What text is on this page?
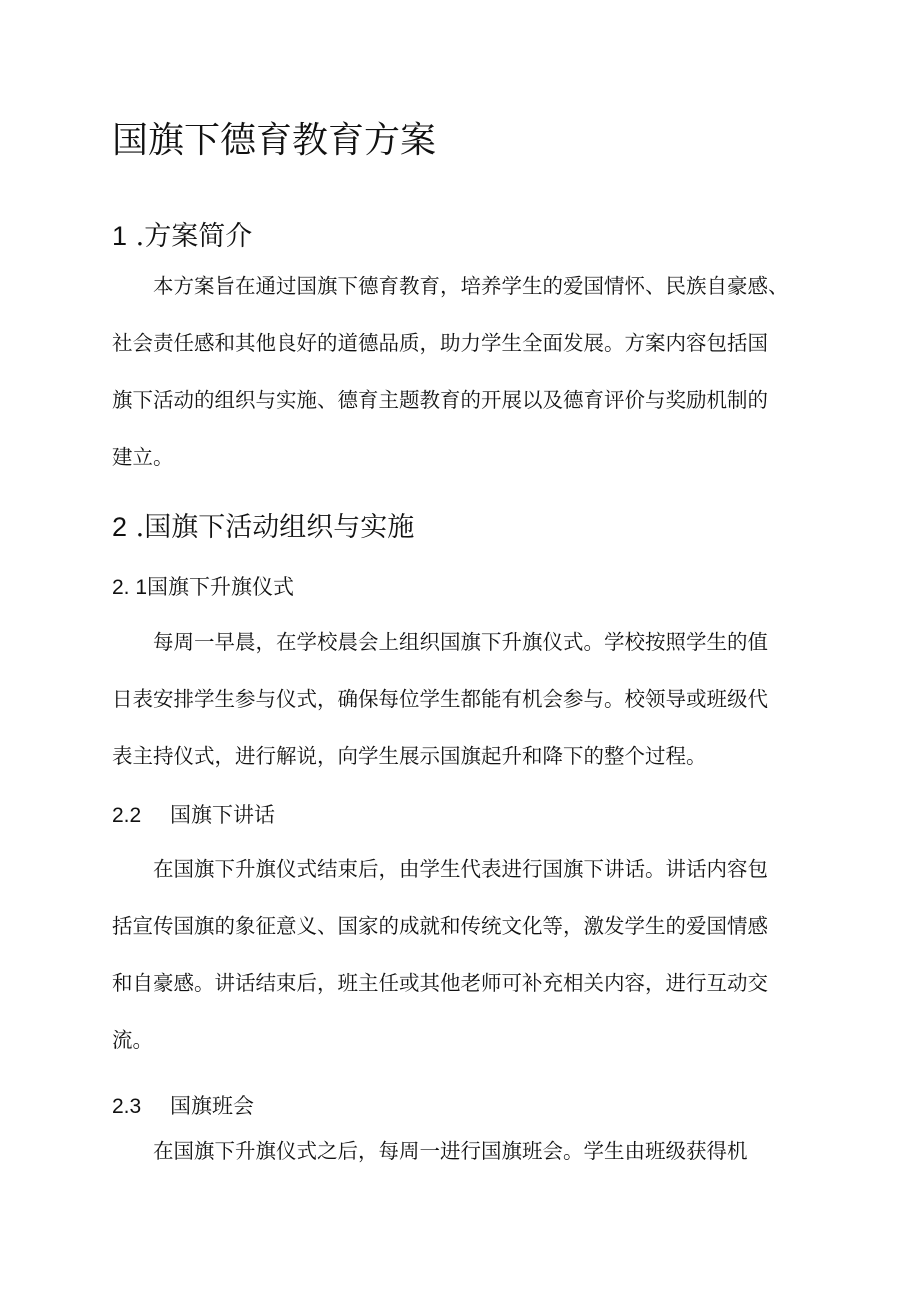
国旗下德育教育方案
1 .方案简介
本方案旨在通过国旗下德育教育，培养学生的爱国情怀、民族自豪感、
社会责任感和其他良好的道德品质，助力学生全面发展。方案内容包括国
旗下活动的组织与实施、德育主题教育的开展以及德育评价与奖励机制的
建立。
2 .国旗下活动组织与实施
2. 1国旗下升旗仪式
每周一早晨，在学校晨会上组织国旗下升旗仪式。学校按照学生的值
日表安排学生参与仪式，确保每位学生都能有机会参与。校领导或班级代
表主持仪式，进行解说，向学生展示国旗起升和降下的整个过程。
2.2 国旗下讲话
在国旗下升旗仪式结束后，由学生代表进行国旗下讲话。讲话内容包
括宣传国旗的象征意义、国家的成就和传统文化等，激发学生的爱国情感
和自豪感。讲话结束后，班主任或其他老师可补充相关内容，进行互动交
流。
2.3 国旗班会
在国旗下升旗仪式之后，每周一进行国旗班会。学生由班级获得机
